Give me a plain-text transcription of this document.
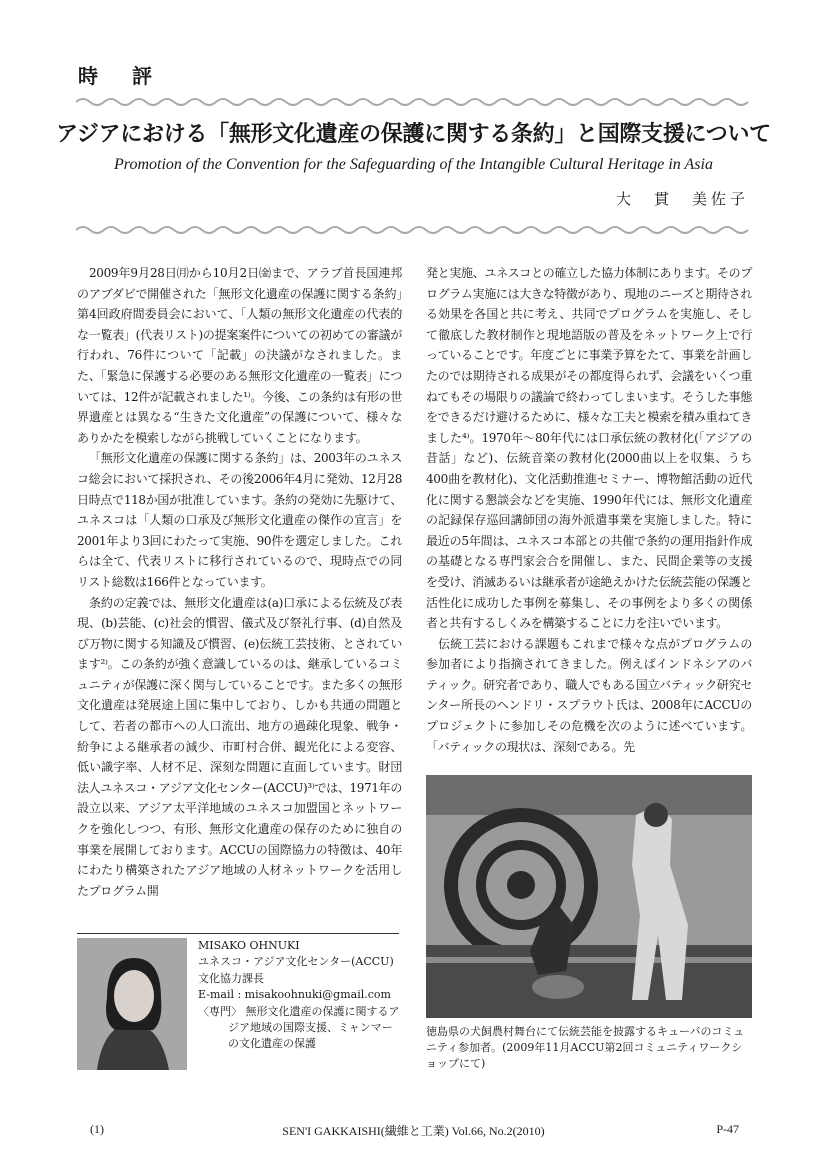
時評
アジアにおける「無形文化遺産の保護に関する条約」と国際支援について
Promotion of the Convention for the Safeguarding of the Intangible Cultural Heritage in Asia
大　貫　美佐子

2009年9月28日㈪から10月2日㈮まで、アラブ首長国連邦のアブダビで開催された「無形文化遺産の保護に関する条約」第4回政府間委員会において、「人類の無形文化遺産の代表的な一覧表」(代表リスト)の提案案件についての初めての審議が行われ、76件について「記載」の決議がなされました。また、「緊急に保護する必要のある無形文化遺産の一覧表」については、12件が記載されました¹⁾。今後、この条約は有形の世界遺産とは異なる“生きた文化遺産”の保護について、様々なありかたを模索しながら挑戦していくことになります。

「無形文化遺産の保護に関する条約」は、2003年のユネスコ総会において採択され、その後2006年4月に発効、12月28日時点で118か国が批准しています。条約の発効に先駆けて、ユネスコは「人類の口承及び無形文化遺産の傑作の宣言」を2001年より3回にわたって実施、90件を選定しました。これらは全て、代表リストに移行されているので、現時点での同リスト総数は166件となっています。

条約の定義では、無形文化遺産は(a)口承による伝統及び表現、(b)芸能、(c)社会的慣習、儀式及び祭礼行事、(d)自然及び万物に関する知識及び慣習、(e)伝統工芸技術、とされています²⁾。この条約が強く意識しているのは、継承しているコミュニティが保護に深く関与していることです。また多くの無形文化遺産は発展途上国に集中しており、しかも共通の問題として、若者の都市への人口流出、地方の過疎化現象、戦争・紛争による継承者の減少、市町村合併、観光化による変容、低い識字率、人材不足、深刻な問題に直面しています。財団法人ユネスコ・アジア文化センター(ACCU)³⁾では、1971年の設立以来、アジア太平洋地域のユネスコ加盟国とネットワークを強化しつつ、有形、無形文化遺産の保存のために独自の事業を展開しております。ACCUの国際協力の特徴は、40年にわたり構築されたアジア地域の人材ネットワークを活用したプログラム開

発と実施、ユネスコとの確立した協力体制にあります。そのプログラム実施には大きな特徴があり、現地のニーズと期待される効果を各国と共に考え、共同でプログラムを実施し、そして徹底した教材制作と現地語版の普及をネットワーク上で行っていることです。年度ごとに事業予算をたて、事業を計画したのでは期待される成果がその都度得られず、会議をいくつ重ねてもその場限りの議論で終わってしまいます。そうした事態をできるだけ避けるために、様々な工夫と模索を積み重ねてきました⁴⁾。1970年～80年代には口承伝統の教材化(「アジアの昔話」など)、伝統音楽の教材化(2000曲以上を収集、うち400曲を教材化)、文化活動推進セミナー、博物館活動の近代化に関する懇談会などを実施、1990年代には、無形文化遺産の記録保存巡回講師団の海外派遣事業を実施しました。特に最近の5年間は、ユネスコ本部との共催で条約の運用指針作成の基礎となる専門家会合を開催し、また、民間企業等の支援を受け、消滅あるいは継承者が途絶えかけた伝統芸能の保護と活性化に成功した事例を募集し、その事例をより多くの関係者と共有するしくみを構築することに力を注いでいます。

伝統工芸における課題もこれまで様々な点がプログラムの参加者により指摘されてきました。例えばインドネシアのバティック。研究者であり、職人でもある国立バティック研究センター所長のヘンドリ・スプラウト氏は、2008年にACCUのプロジェクトに参加しその危機を次のように述べています。「バティックの現状は、深刻である。先

徳島県の犬飼農村舞台にて伝統芸能を披露するキューバのコミュニティ参加者。(2009年11月ACCU第2回コミュニティワークショップにて)
MISAKO OHNUKI
ユネスコ・アジア文化センター(ACCU)
文化協力課長
E-mail : misakoohnuki@gmail.com
〈専門〉 無形文化遺産の保護に関するアジア地域の国際支援、ミャンマーの文化遺産の保護
(1)	SEN'I GAKKAISHI(繊維と工業) Vol.66, No.2(2010)	P-47
